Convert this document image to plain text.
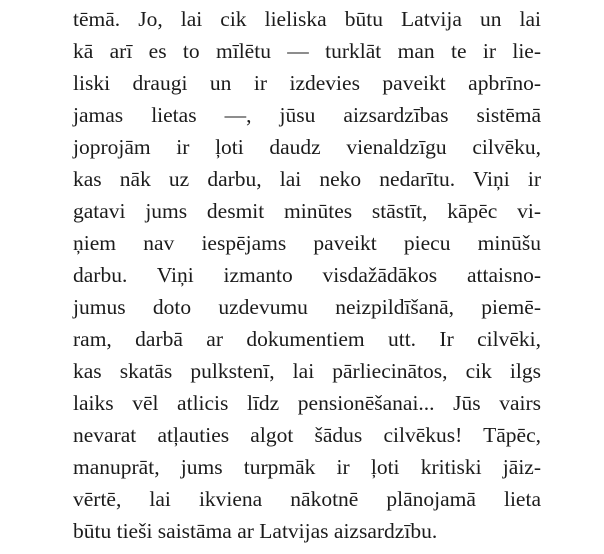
tēmā. Jo, lai cik lieliska būtu Latvija un lai
kā arī es to mīlētu — turklāt man te ir lie-
liski draugi un ir izdevies paveikt apbrīno-
jamas lietas —, jūsu aizsardzības sistēmā
joprojām ir ļoti daudz vienaldzīgu cilvēku,
kas nāk uz darbu, lai neko nedarītu. Viņi ir
gatavi jums desmit minūtes stāstīt, kāpēc vi-
ņiem nav iespējams paveikt piecu minūšu
darbu. Viņi izmanto visdažādākos attaisno-
jumus doto uzdevumu neizpildīšanā, piemē-
ram, darbā ar dokumentiem utt. Ir cilvēki,
kas skatās pulkstenī, lai pārliecinātos, cik ilgs
laiks vēl atlicis līdz pensionēšanai... Jūs vairs
nevarat atļauties algot šādus cilvēkus! Tāpēc,
manuprāt, jums turpmāk ir ļoti kritiski jāiz-
vērtē, lai ikviena nākotnē plānojamā lieta
būtu tieši saistāma ar Latvijas aizsardzību.
